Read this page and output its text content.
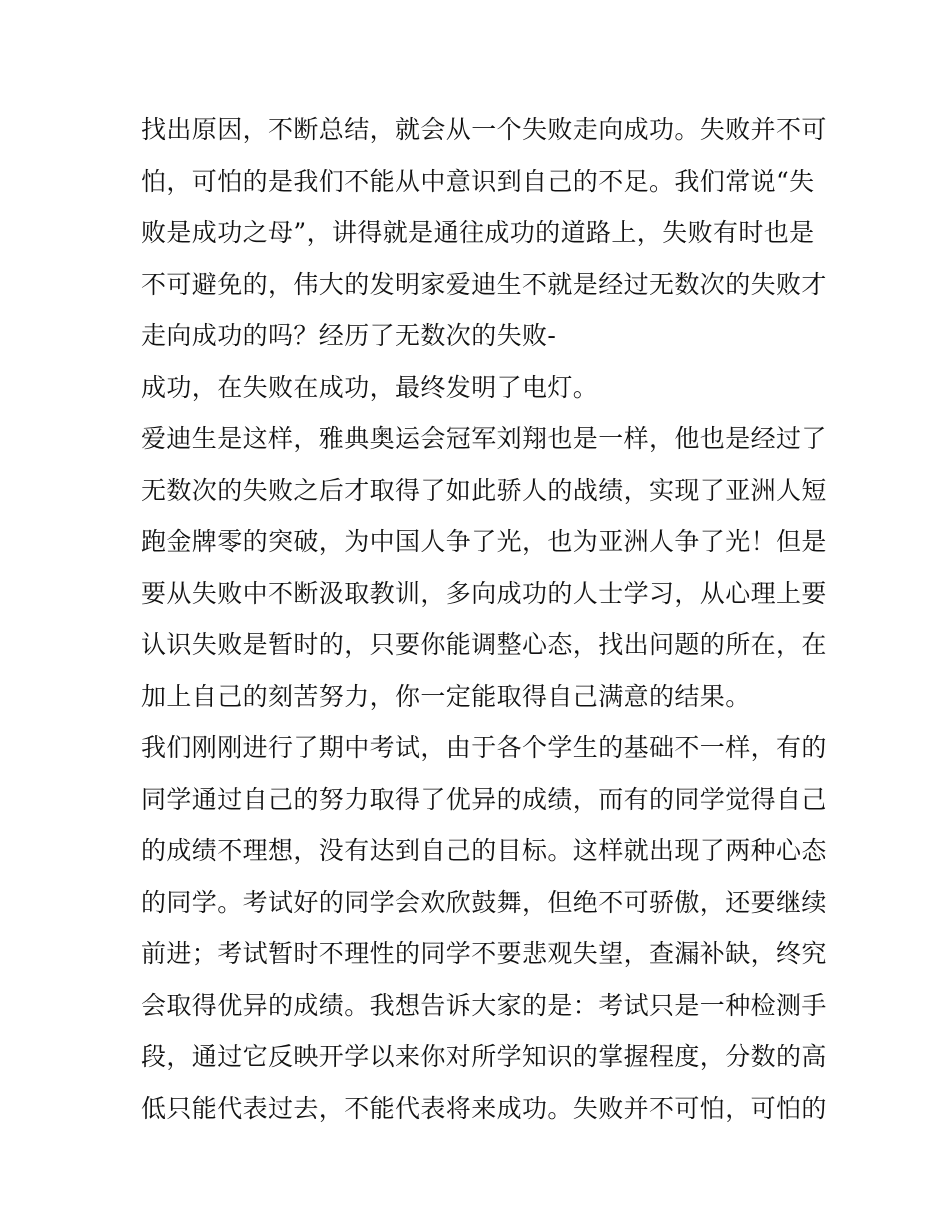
找出原因，不断总结，就会从一个失败走向成功。失败并不可
怕，可怕的是我们不能从中意识到自己的不足。我们常说“失
败是成功之母”，讲得就是通往成功的道路上，失败有时也是
不可避免的，伟大的发明家爱迪生不就是经过无数次的失败才
走向成功的吗？经历了无数次的失败-
成功，在失败在成功，最终发明了电灯。
爱迪生是这样，雅典奥运会冠军刘翔也是一样，他也是经过了
无数次的失败之后才取得了如此骄人的战绩，实现了亚洲人短
跑金牌零的突破，为中国人争了光，也为亚洲人争了光！但是
要从失败中不断汲取教训，多向成功的人士学习，从心理上要
认识失败是暂时的，只要你能调整心态，找出问题的所在，在
加上自己的刻苦努力，你一定能取得自己满意的结果。
我们刚刚进行了期中考试，由于各个学生的基础不一样，有的
同学通过自己的努力取得了优异的成绩，而有的同学觉得自己
的成绩不理想，没有达到自己的目标。这样就出现了两种心态
的同学。考试好的同学会欢欣鼓舞，但绝不可骄傲，还要继续
前进；考试暂时不理性的同学不要悲观失望，查漏补缺，终究
会取得优异的成绩。我想告诉大家的是：考试只是一种检测手
段，通过它反映开学以来你对所学知识的掌握程度，分数的高
低只能代表过去，不能代表将来成功。失败并不可怕，可怕的
